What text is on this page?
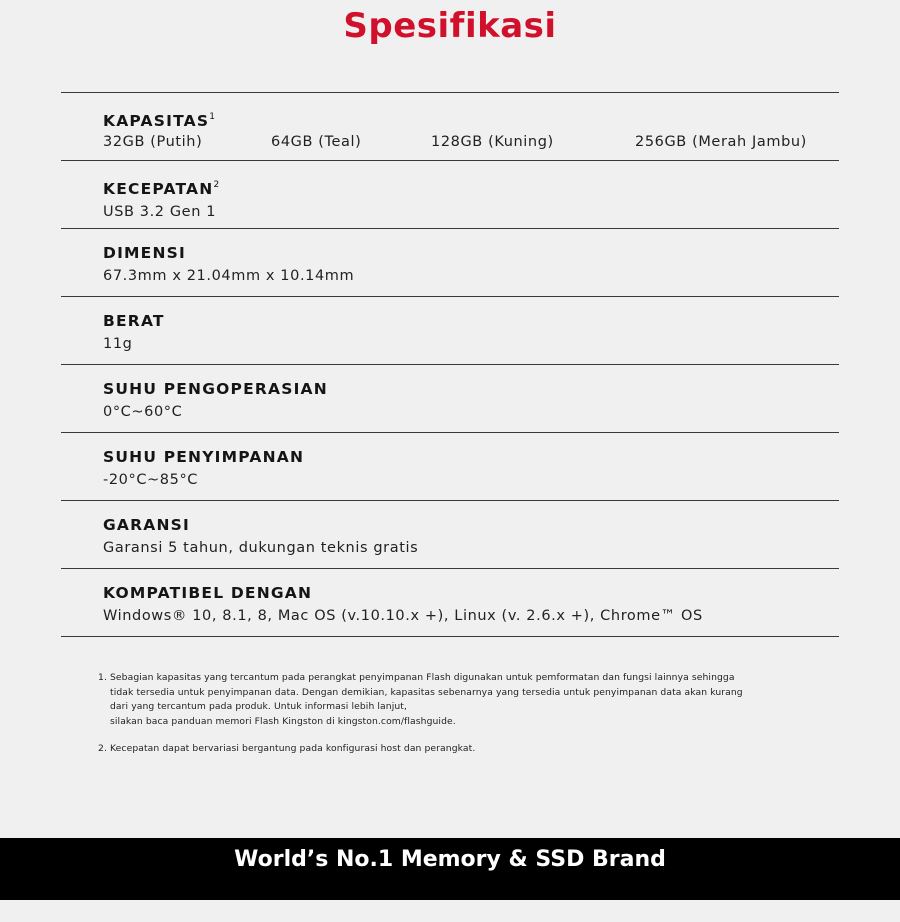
Spesifikasi
KAPASITAS$^1$
32GB (Putih)	64GB (Teal)	128GB (Kuning)	256GB (Merah Jambu)
KECEPATAN$^2$
USB 3.2 Gen 1
DIMENSI
67.3mm x 21.04mm x 10.14mm
BERAT
11g
SUHU PENGOPERASIAN
0°C~60°C
SUHU PENYIMPANAN
-20°C~85°C
GARANSI
Garansi 5 tahun, dukungan teknis gratis
KOMPATIBEL DENGAN
Windows® 10, 8.1, 8, Mac OS (v.10.10.x +), Linux (v. 2.6.x +), Chrome™ OS
1. Sebagian kapasitas yang tercantum pada perangkat penyimpanan Flash digunakan untuk pemformatan dan fungsi lainnya sehingga
tidak tersedia untuk penyimpanan data. Dengan demikian, kapasitas sebenarnya yang tersedia untuk penyimpanan data akan kurang
dari yang tercantum pada produk. Untuk informasi lebih lanjut,
silakan baca panduan memori Flash Kingston di kingston.com/flashguide.
2. Kecepatan dapat bervariasi bergantung pada konfigurasi host dan perangkat.
World’s No.1 Memory & SSD Brand
